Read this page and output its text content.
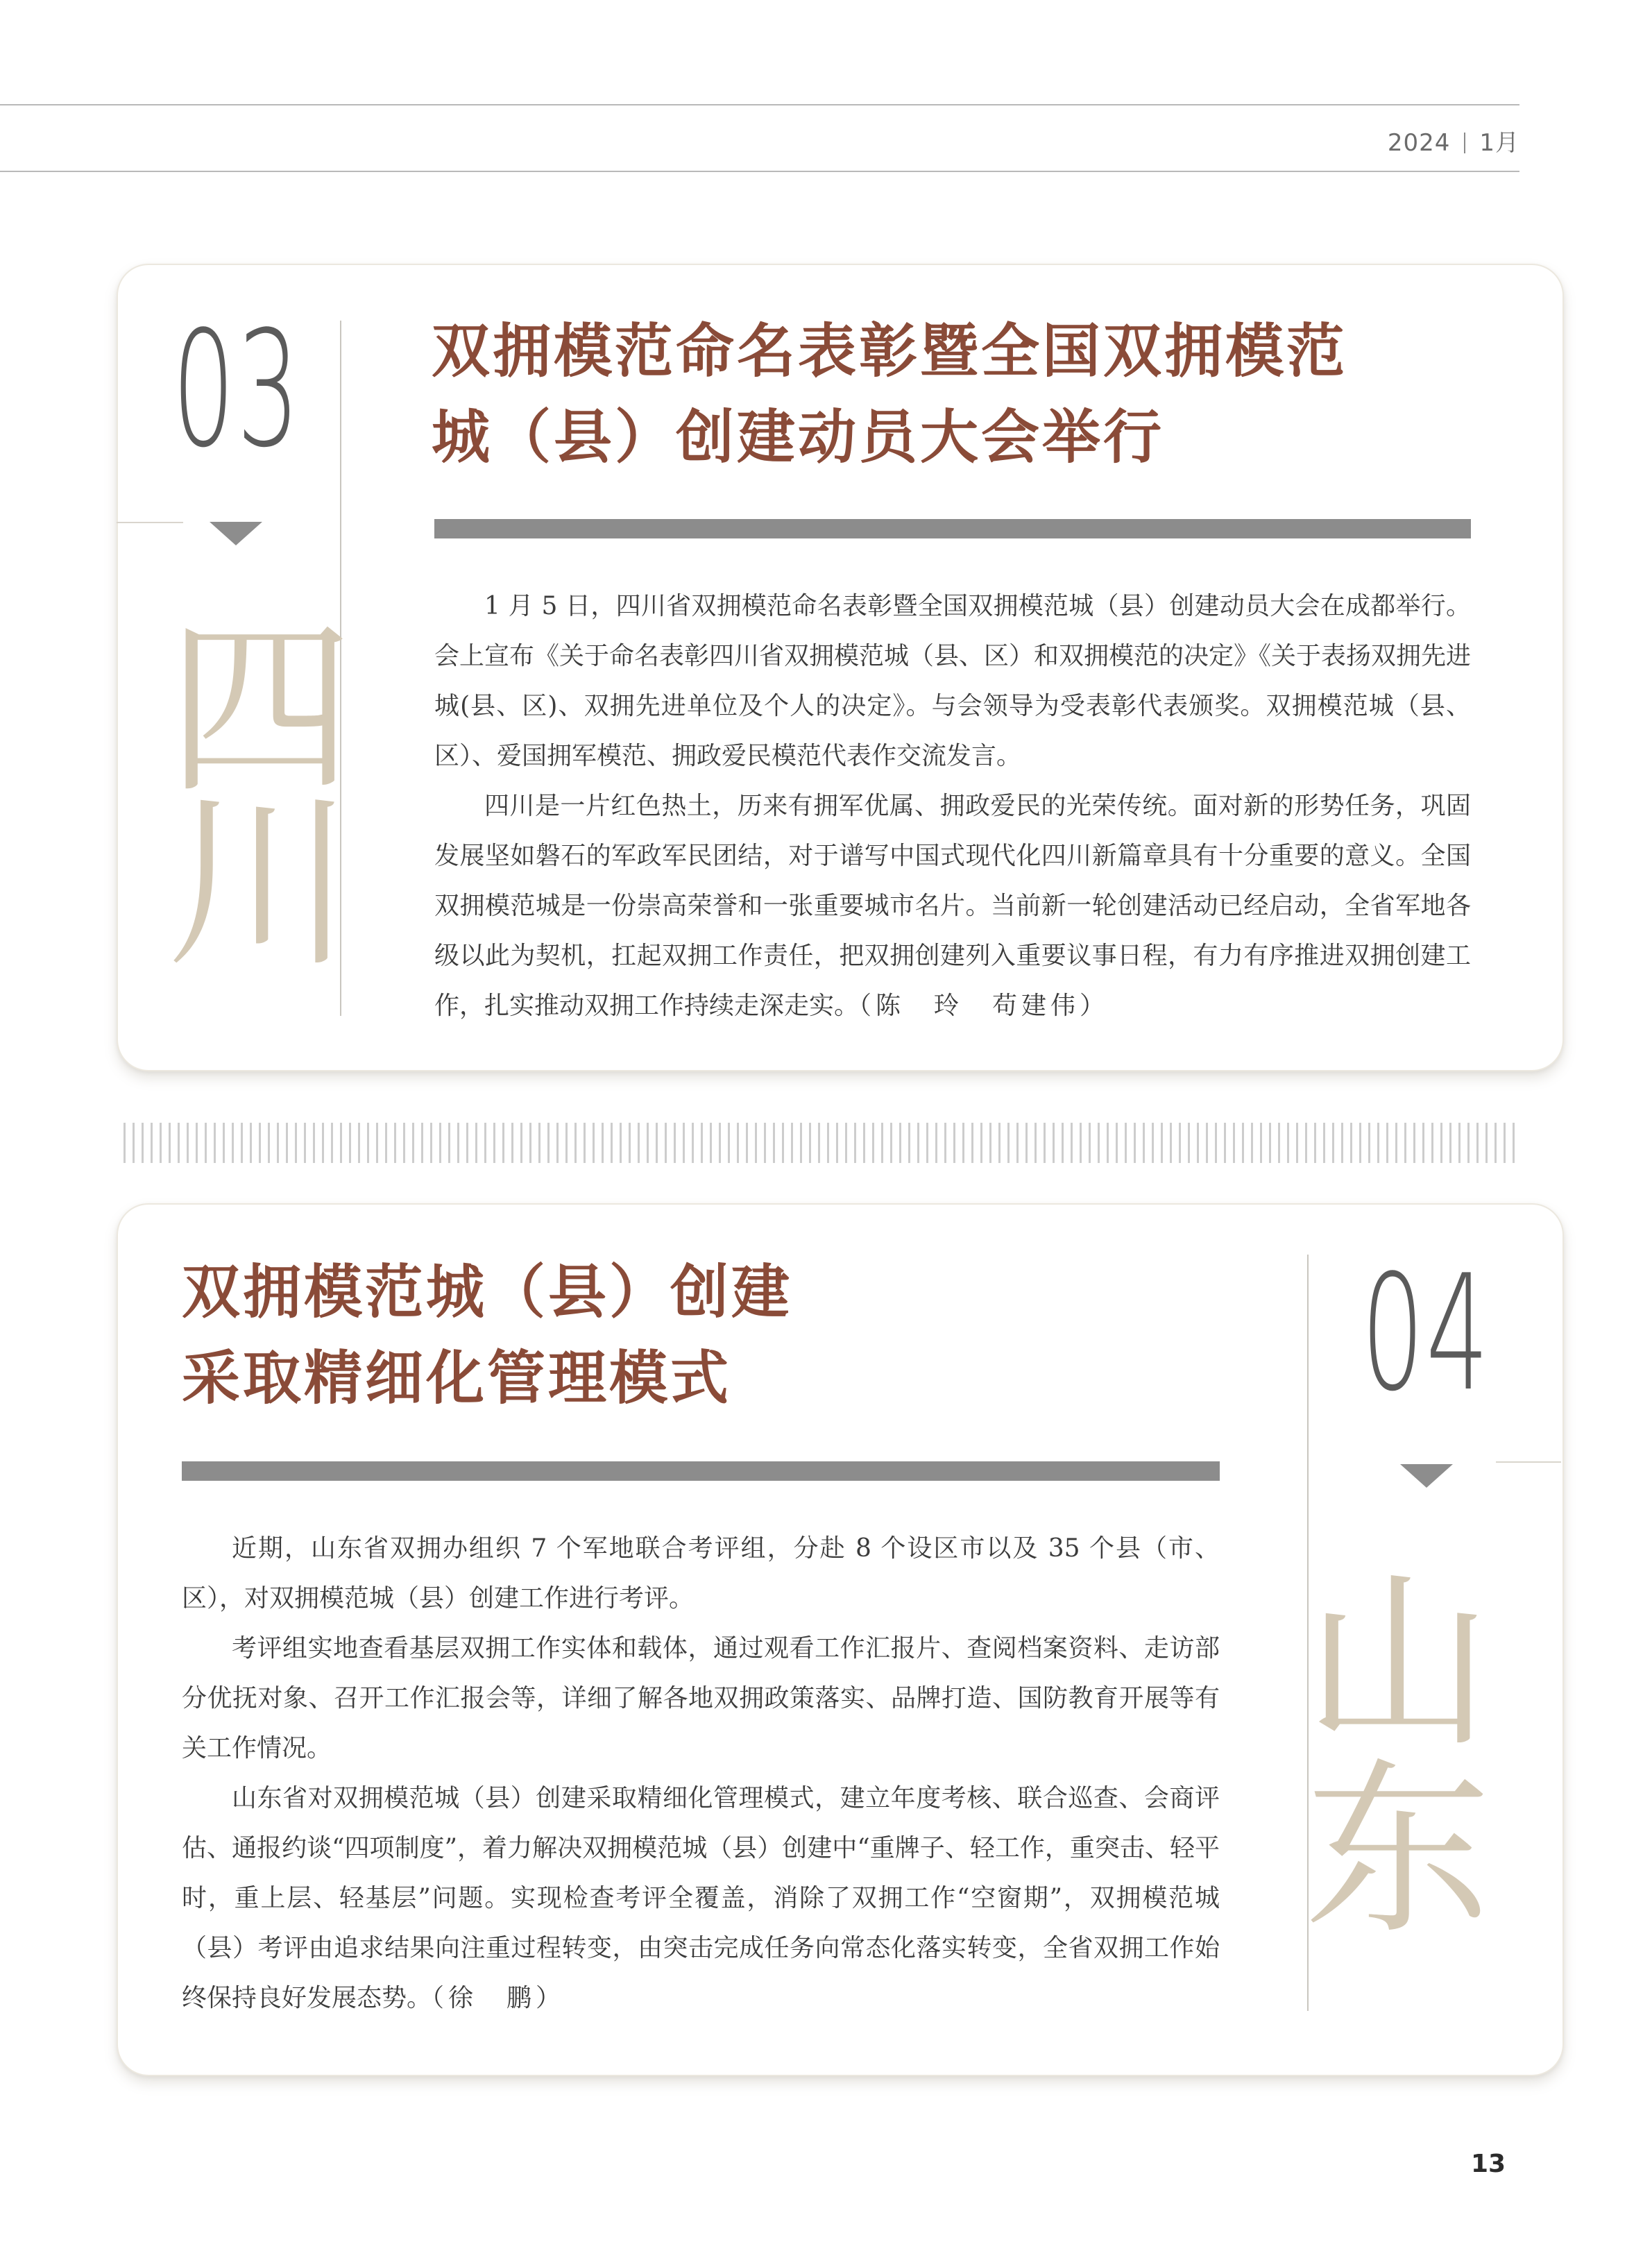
2024 1月
03
四
川
双拥模范命名表彰暨全国双拥模范
城（县）创建动员大会举行

1 月 5 日，四川省双拥模范命名表彰暨全国双拥模范城（县）创建动员大会在成都举行。会上宣布《关于命名表彰四川省双拥模范城（县、区）和双拥模范的决定》《关于表扬双拥先进城(县、区)、双拥先进单位及个人的决定》。与会领导为受表彰代表颁奖。双拥模范城（县、区）、爱国拥军模范、拥政爱民模范代表作交流发言。

四川是一片红色热土，历来有拥军优属、拥政爱民的光荣传统。面对新的形势任务，巩固发展坚如磐石的军政军民团结，对于谱写中国式现代化四川新篇章具有十分重要的意义。全国双拥模范城是一份崇高荣誉和一张重要城市名片。当前新一轮创建活动已经启动，全省军地各级以此为契机，扛起双拥工作责任，把双拥创建列入重要议事日程，有力有序推进双拥创建工作，扎实推动双拥工作持续走深走实。（陈　玲　苟建伟）

双拥模范城（县）创建
采取精细化管理模式	04
山
东

近期，山东省双拥办组织 7 个军地联合考评组，分赴 8 个设区市以及 35 个县（市、区），对双拥模范城（县）创建工作进行考评。

考评组实地查看基层双拥工作实体和载体，通过观看工作汇报片、查阅档案资料、走访部分优抚对象、召开工作汇报会等，详细了解各地双拥政策落实、品牌打造、国防教育开展等有关工作情况。

山东省对双拥模范城（县）创建采取精细化管理模式，建立年度考核、联合巡查、会商评估、通报约谈“四项制度”，着力解决双拥模范城（县）创建中“重牌子、轻工作，重突击、轻平时，重上层、轻基层”问题。实现检查考评全覆盖，消除了双拥工作“空窗期”，双拥模范城（县）考评由追求结果向注重过程转变，由突击完成任务向常态化落实转变，全省双拥工作始终保持良好发展态势。（徐　鹏）

13
